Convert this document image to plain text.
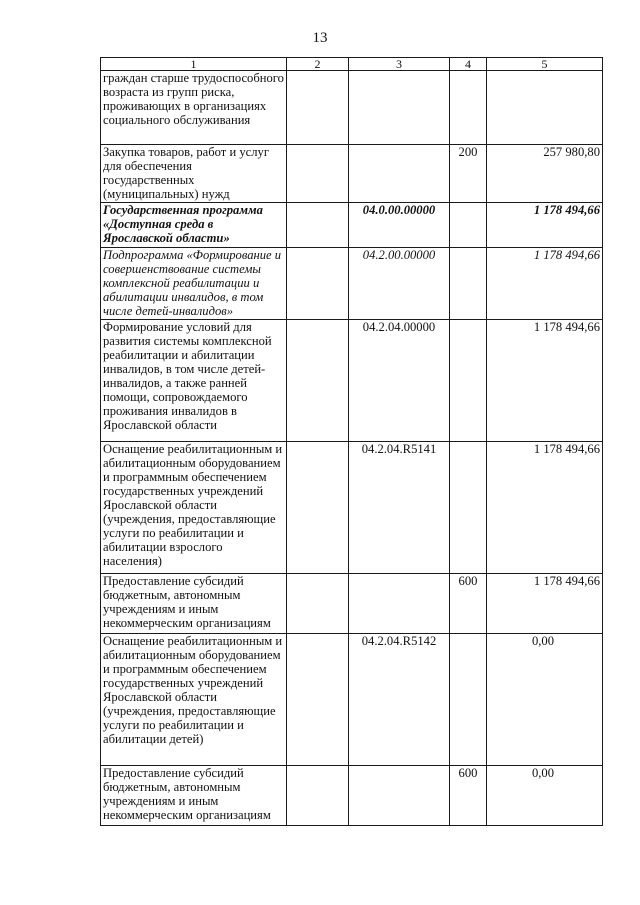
13
1	2	3	4	5
граждан старше трудоспособного возраста из групп риска, проживающих в организациях социального обслуживания				
Закупка товаров, работ и услуг для обеспечения государственных (муниципальных) нужд			200	257 980,80
Государственная программа «Доступная среда в Ярославской области»		04.0.00.00000		1 178 494,66
Подпрограмма «Формирование и совершенствование системы комплексной реабилитации и абилитации инвалидов, в том числе детей-инвалидов»		04.2.00.00000		1 178 494,66
Формирование условий для развития системы комплексной реабилитации и абилитации инвалидов, в том числе детей-инвалидов, а также ранней помощи, сопровождаемого проживания инвалидов в Ярославской области		04.2.04.00000		1 178 494,66
Оснащение реабилитационным и абилитационным оборудованием и программным обеспечением государственных учреждений Ярославской области (учреждения, предоставляющие услуги по реабилитации и абилитации взрослого населения)		04.2.04.R5141		1 178 494,66
Предоставление субсидий бюджетным, автономным учреждениям и иным некоммерческим организациям			600	1 178 494,66
Оснащение реабилитационным и абилитационным оборудованием и программным обеспечением государственных учреждений Ярославской области (учреждения, предоставляющие услуги по реабилитации и абилитации детей)		04.2.04.R5142		0,00
Предоставление субсидий бюджетным, автономным учреждениям и иным некоммерческим организациям			600	0,00
